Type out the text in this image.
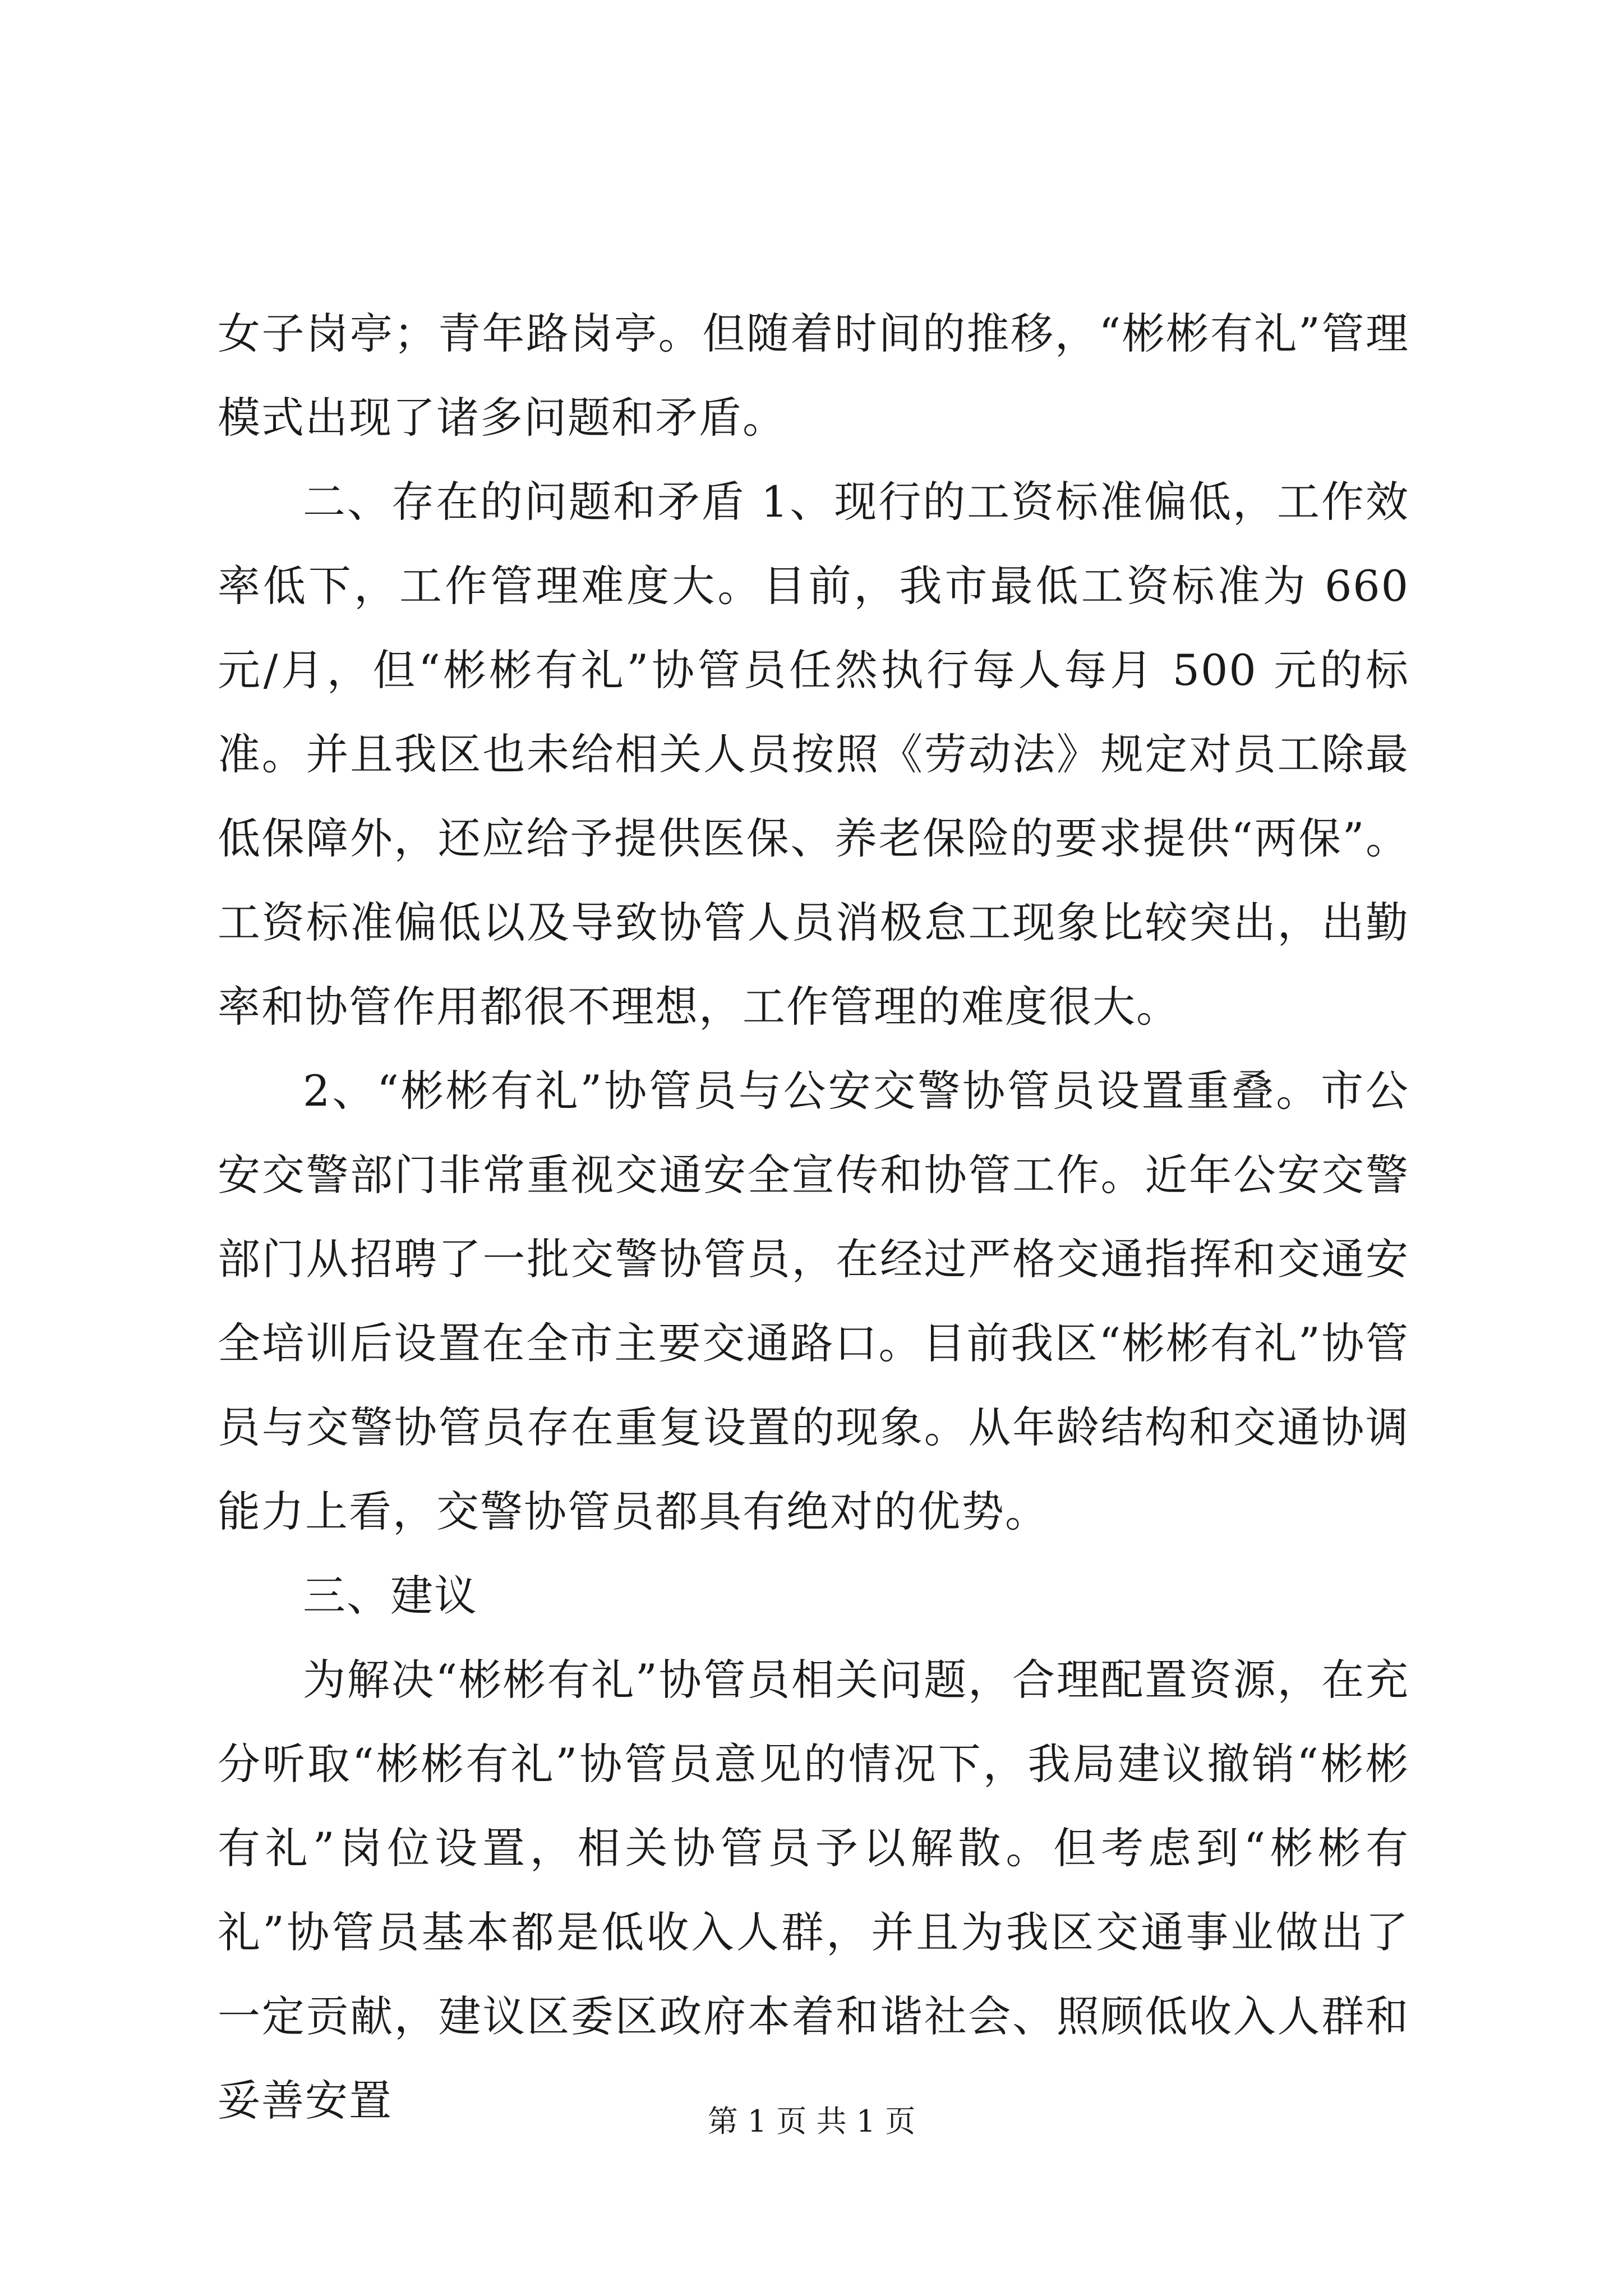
女子岗亭；青年路岗亭。但随着时间的推移，“彬彬有礼”管理模式出现了诸多问题和矛盾。

二、存在的问题和矛盾 1、现行的工资标准偏低，工作效率低下，工作管理难度大。目前，我市最低工资标准为 660 元/月，但“彬彬有礼”协管员任然执行每人每月 500 元的标准。并且我区也未给相关人员按照《劳动法》规定对员工除最低保障外，还应给予提供医保、养老保险的要求提供“两保”。工资标准偏低以及导致协管人员消极怠工现象比较突出，出勤率和协管作用都很不理想，工作管理的难度很大。

2、“彬彬有礼”协管员与公安交警协管员设置重叠。市公安交警部门非常重视交通安全宣传和协管工作。近年公安交警部门从招聘了一批交警协管员，在经过严格交通指挥和交通安全培训后设置在全市主要交通路口。目前我区“彬彬有礼”协管员与交警协管员存在重复设置的现象。从年龄结构和交通协调能力上看，交警协管员都具有绝对的优势。

三、建议

为解决“彬彬有礼”协管员相关问题，合理配置资源，在充分听取“彬彬有礼”协管员意见的情况下，我局建议撤销“彬彬有礼”岗位设置，相关协管员予以解散。但考虑到“彬彬有礼”协管员基本都是低收入人群，并且为我区交通事业做出了一定贡献，建议区委区政府本着和谐社会、照顾低收入人群和妥善安置	第 1 页 共 1 页
